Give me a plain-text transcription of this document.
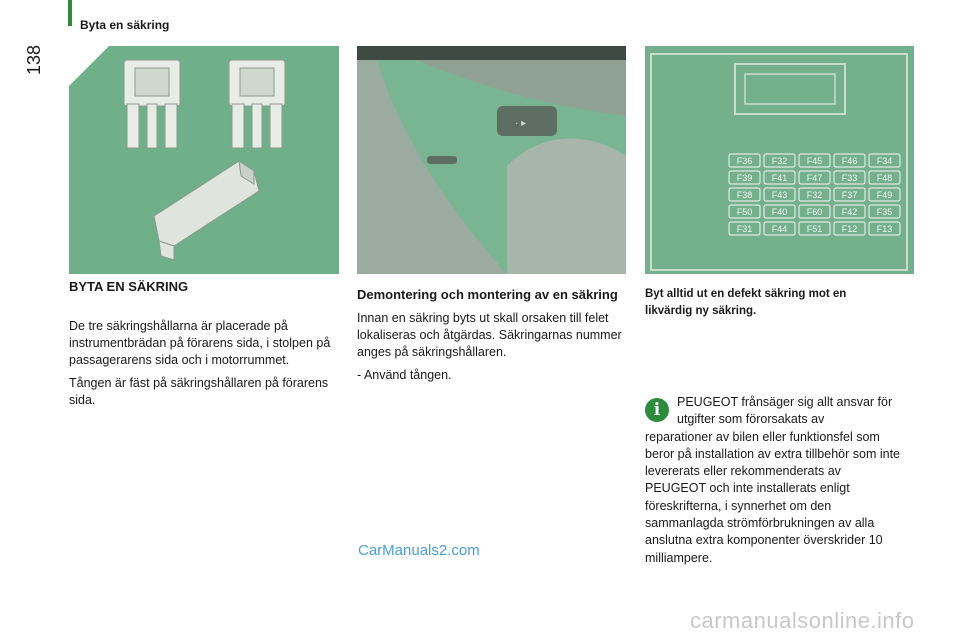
138
Byta en säkring
· ▸
F36 F32 F45 F46 F34
F39 F41 F47 F33 F48
F38 F43 F32 F37 F49
F50 F40 F60 F42 F35
F31 F44 F51 F12 F13
BYTA EN SÄKRING

De tre säkringshållarna är placerade på instrumentbrädan på förarens sida, i stolpen på passagerarens sida och i motorrummet.

Tången är fäst på säkringshållaren på förarens sida.

Demontering och montering av en säkring

Innan en säkring byts ut skall orsaken till felet lokaliseras och åtgärdas. Säkringarnas nummer anges på säkringshållaren.

- Använd tången.

Byt alltid ut en defekt säkring mot en likvärdig ny säkring.
i	PEUGEOT frånsäger sig allt ansvar för utgifter som förorsakats av
reparationer av bilen eller funktionsfel som beror på installation av extra tillbehör som inte levererats eller rekommenderats av PEUGEOT och inte installerats enligt föreskrifterna, i synnerhet om den sammanlagda strömförbrukningen av alla anslutna extra komponenter överskrider 10 milliampere.
CarManuals2.com
carmanualsonline.info
